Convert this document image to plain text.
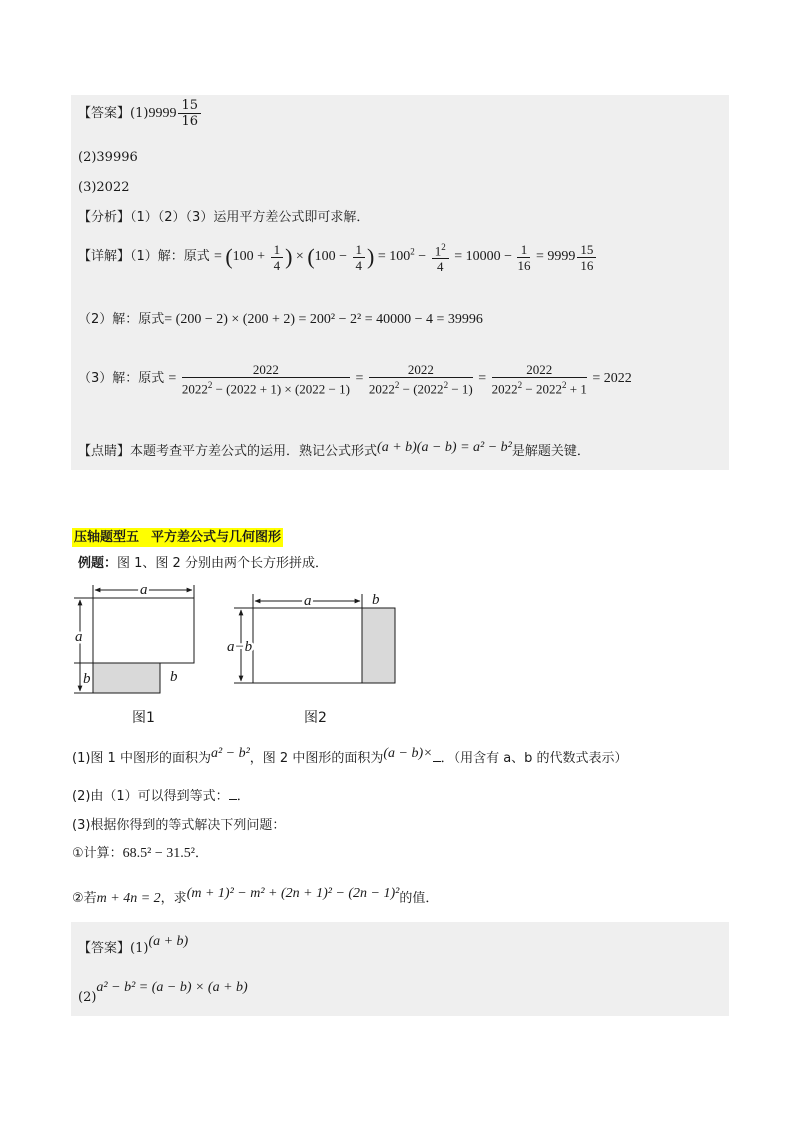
【答案】$(1)9999 \frac{15}{16}$
(2)39996
(3)2022
【分析】（1）（2）（3）运用平方差公式即可求解．
【详解】（1）解：原式 = ($100 + \frac{1}{4}$ ) × ($100 - \frac{1}{4}$ ) = $100^2 - \frac{1^2}{4} = 10000 - \frac{1}{16} = 9999 \frac{15}{16}$
（2）解：原式= (200 − 2) × (200 + 2) = 200² − 2² = 40000 − 4 = 39996
（3）解：原式 = $\frac{2022}{2022^2 - (2022 + 1) \times (2022 - 1)} = \frac{2022}{2022^2 - (2022^2 - 1)} = \frac{2022}{2022^2 - 2022^2 + 1} = 2022$
【点睛】本题考查平方差公式的运用．熟记公式形式(a + b)(a − b) = a² − b²是解题关键．
压轴题型五 平方差公式与几何图形
例题：图 1、图 2 分别由两个长方形拼成．
a
a
b	b
a	b
a−b
图1	图2
(1)图 1 中图形的面积为a² − b²，图 2 中图形的面积为(a − b)× ．（用含有 a、b 的代数式表示）
(2)由（1）可以得到等式： ．
(3)根据你得到的等式解决下列问题：
①计算：68.5² − 31.5²．
②若m + 4n = 2，求(m + 1)² − m² + (2n + 1)² − (2n − 1)²的值．
【答案】(1)(a + b)
(2)a² − b² = (a − b) × (a + b)
